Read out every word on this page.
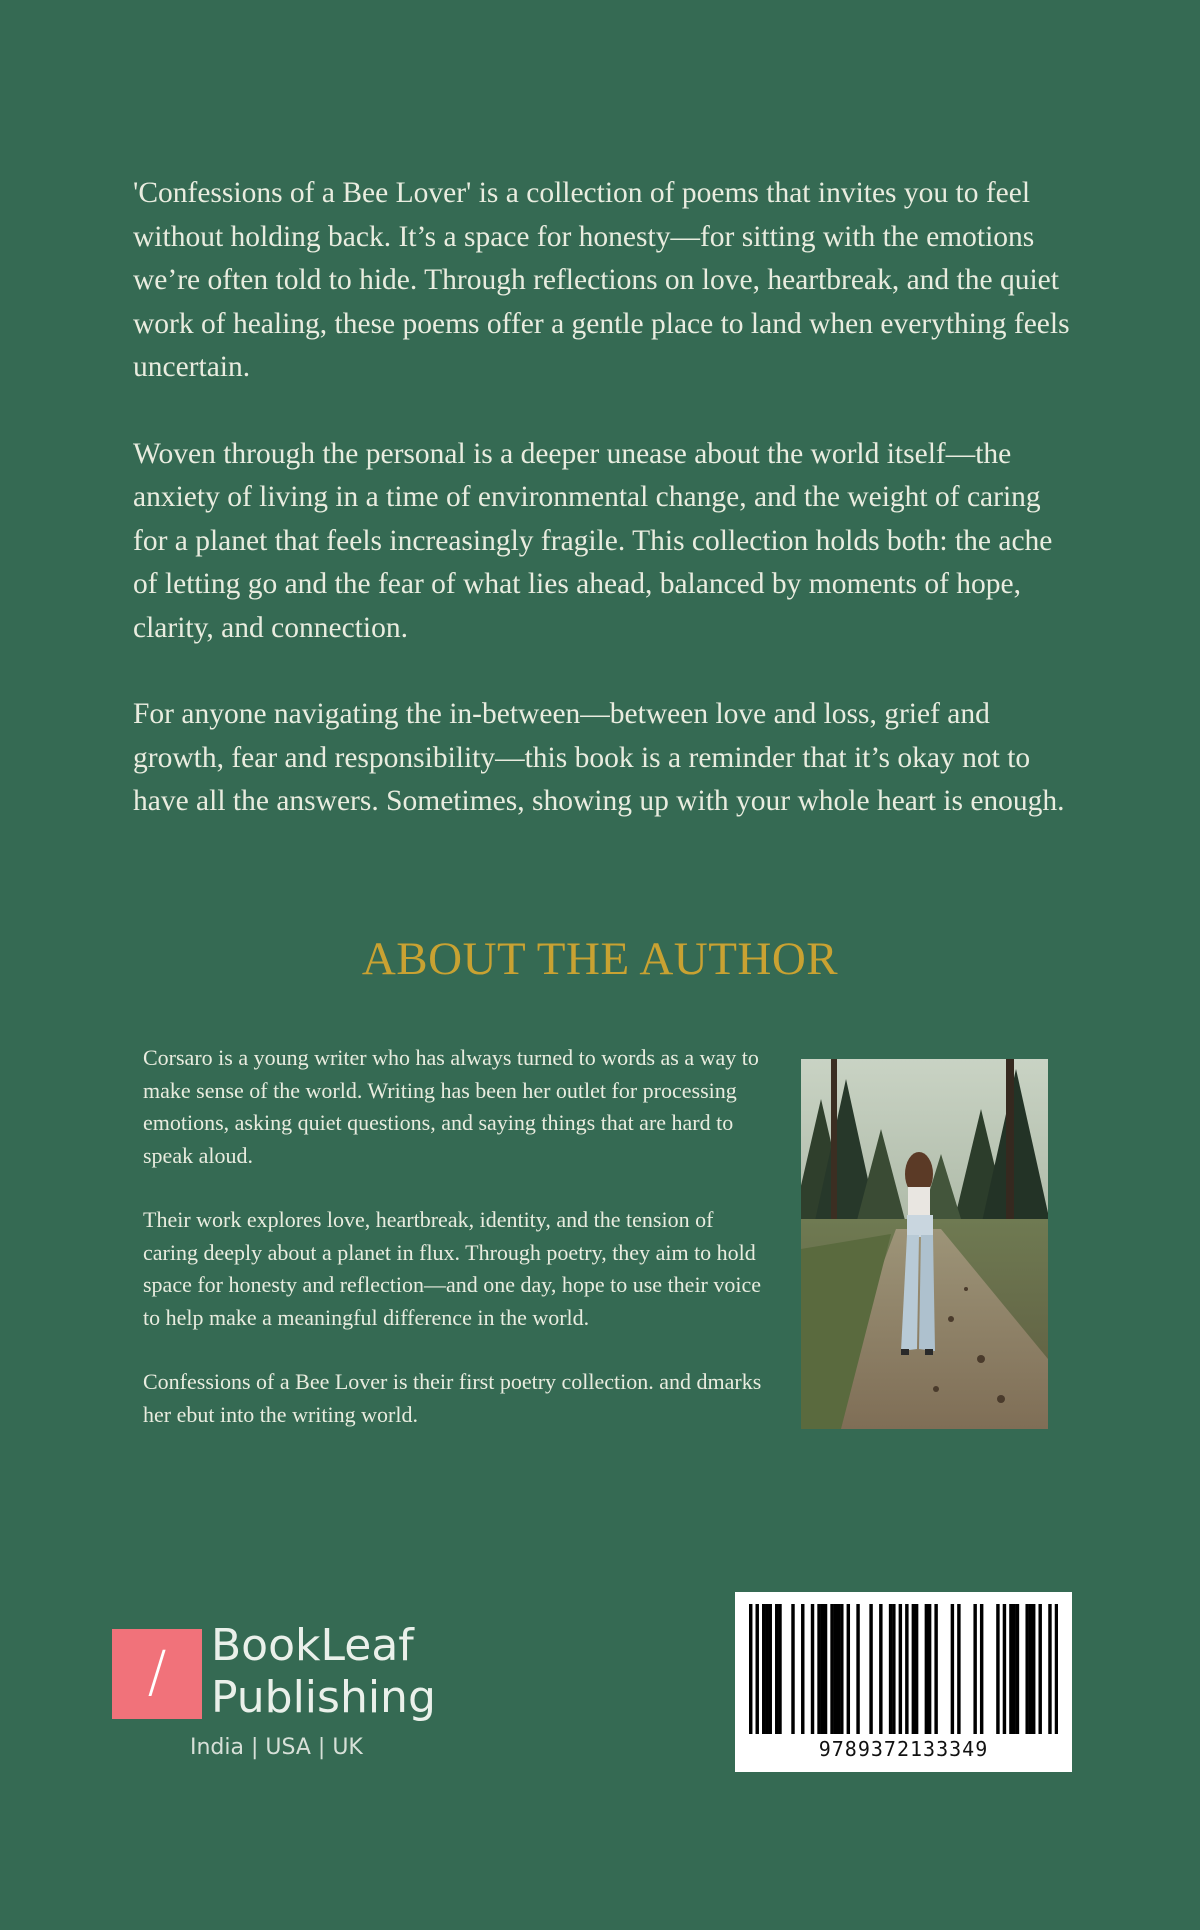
'Confessions of a Bee Lover' is a collection of poems that invites you to feel without holding back. It’s a space for honesty—for sitting with the emotions we’re often told to hide. Through reflections on love, heartbreak, and the quiet work of healing, these poems offer a gentle place to land when everything feels uncertain.

Woven through the personal is a deeper unease about the world itself—the anxiety of living in a time of environmental change, and the weight of caring for a planet that feels increasingly fragile. This collection holds both: the ache of letting go and the fear of what lies ahead, balanced by moments of hope, clarity, and connection.

For anyone navigating the in-between—between love and loss, grief and growth, fear and responsibility—this book is a reminder that it’s okay not to have all the answers. Sometimes, showing up with your whole heart is enough.

ABOUT THE AUTHOR

Corsaro is a young writer who has always turned to words as a way to make sense of the world. Writing has been her outlet for processing emotions, asking quiet questions, and saying things that are hard to speak aloud.

Their work explores love, heartbreak, identity, and the tension of caring deeply about a planet in flux. Through poetry, they aim to hold space for honesty and reflection—and one day, hope to use their voice to help make a meaningful difference in the world.

Confessions of a Bee Lover is their first poetry collection. and dmarks her ebut into the writing world.

/	BookLeaf
Publishing
India | USA | UK	9789372133349
